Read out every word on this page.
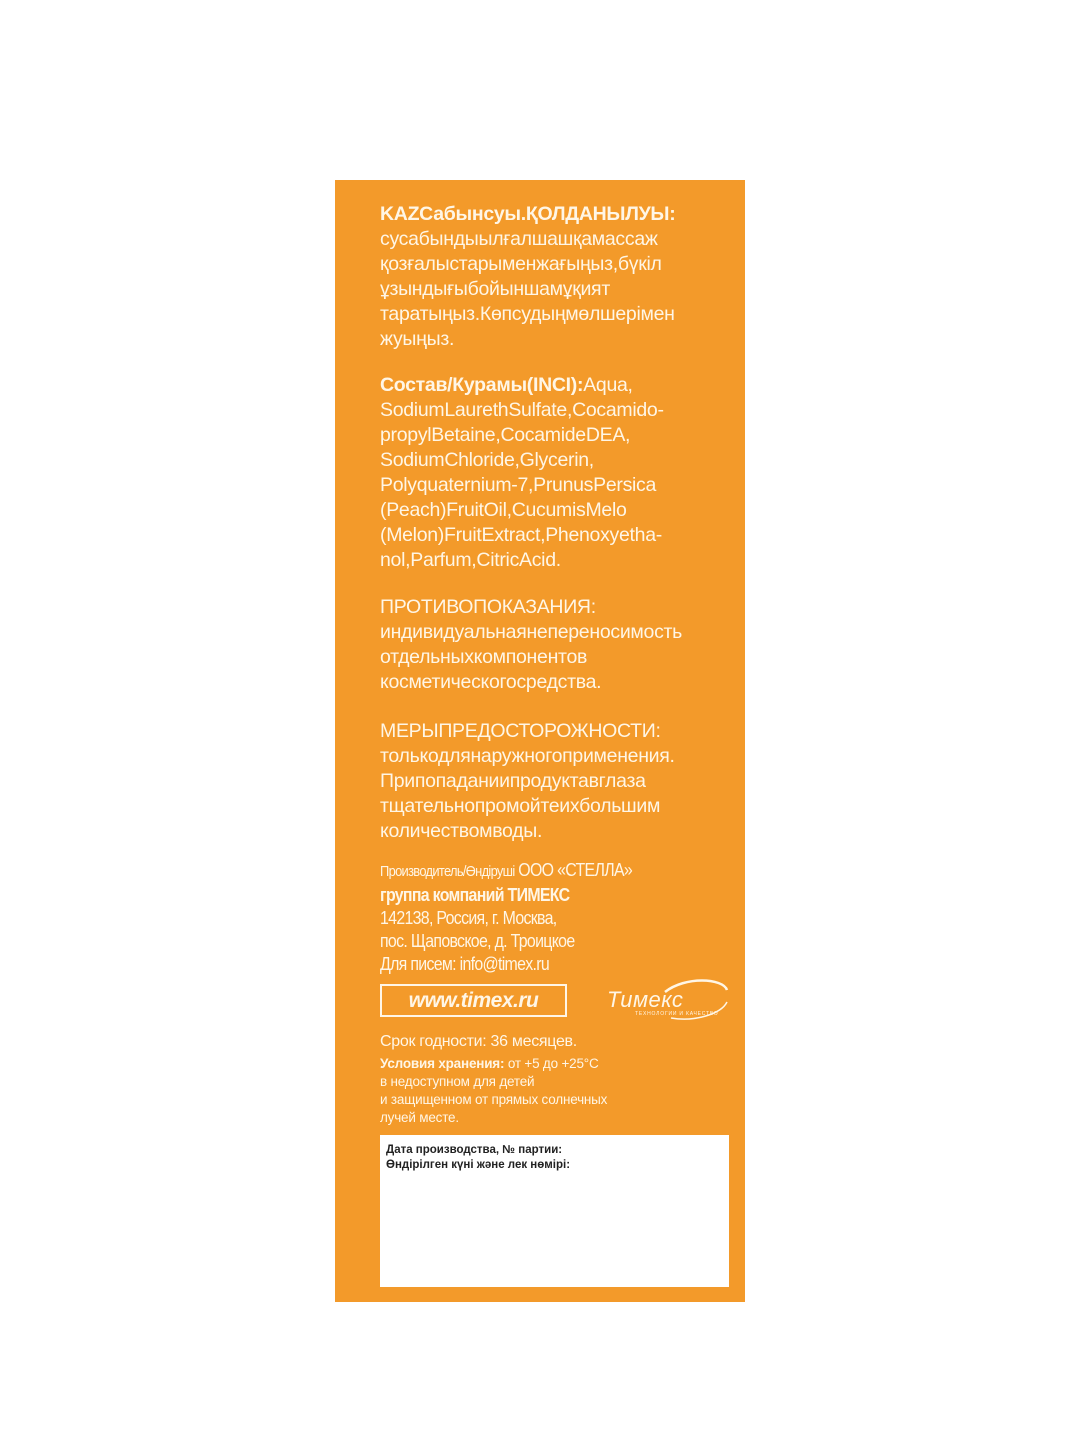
KAZСабынсуы.ҚОЛДАНЫЛУЫ:

сусабындыылғалшашқамассаж

қозғалыстарыменжағыңыз,бүкіл

ұзындығыбойыншамұқият

таратыңыз.Көпсудыңмөлшерімен

жуыңыз.

Состав/Курамы(INCI):Aqua,

SodiumLaurethSulfate,Cocamido-

propylBetaine,CocamideDEA,

SodiumChloride,Glycerin,

Polyquaternium-7,PrunusPersica

(Peach)FruitOil,CucumisMelo

(Melon)FruitExtract,Phenoxyetha-

nol,Parfum,CitricAcid.

ПРОТИВОПОКАЗАНИЯ:

индивидуальнаянепереносимость

отдельныхкомпонентов

косметическогосредства.

МЕРЫПРЕДОСТОРОЖНОСТИ:

толькодлянаружногоприменения.

Припопаданиипродуктавглаза

тщательнопромойтеихбольшим

количествомводы.

Производитель/Өндіруші ООО «СТЕЛЛА»

группа компаний ТИМЕКС

142138, Россия, г. Москва,

пос. Щаповское, д. Троицкое

Для писем: info@timex.ru

www.timex.ru	Тимекс
ТЕХНОЛОГИИ И КАЧЕСТВО
Срок годности: 36 месяцев.

Условия хранения: от +5 до +25°С

в недоступном для детей

и защищенном от прямых солнечных

лучей месте.

Дата производства, № партии:
Өндірілген күні және лек нөмірі:
